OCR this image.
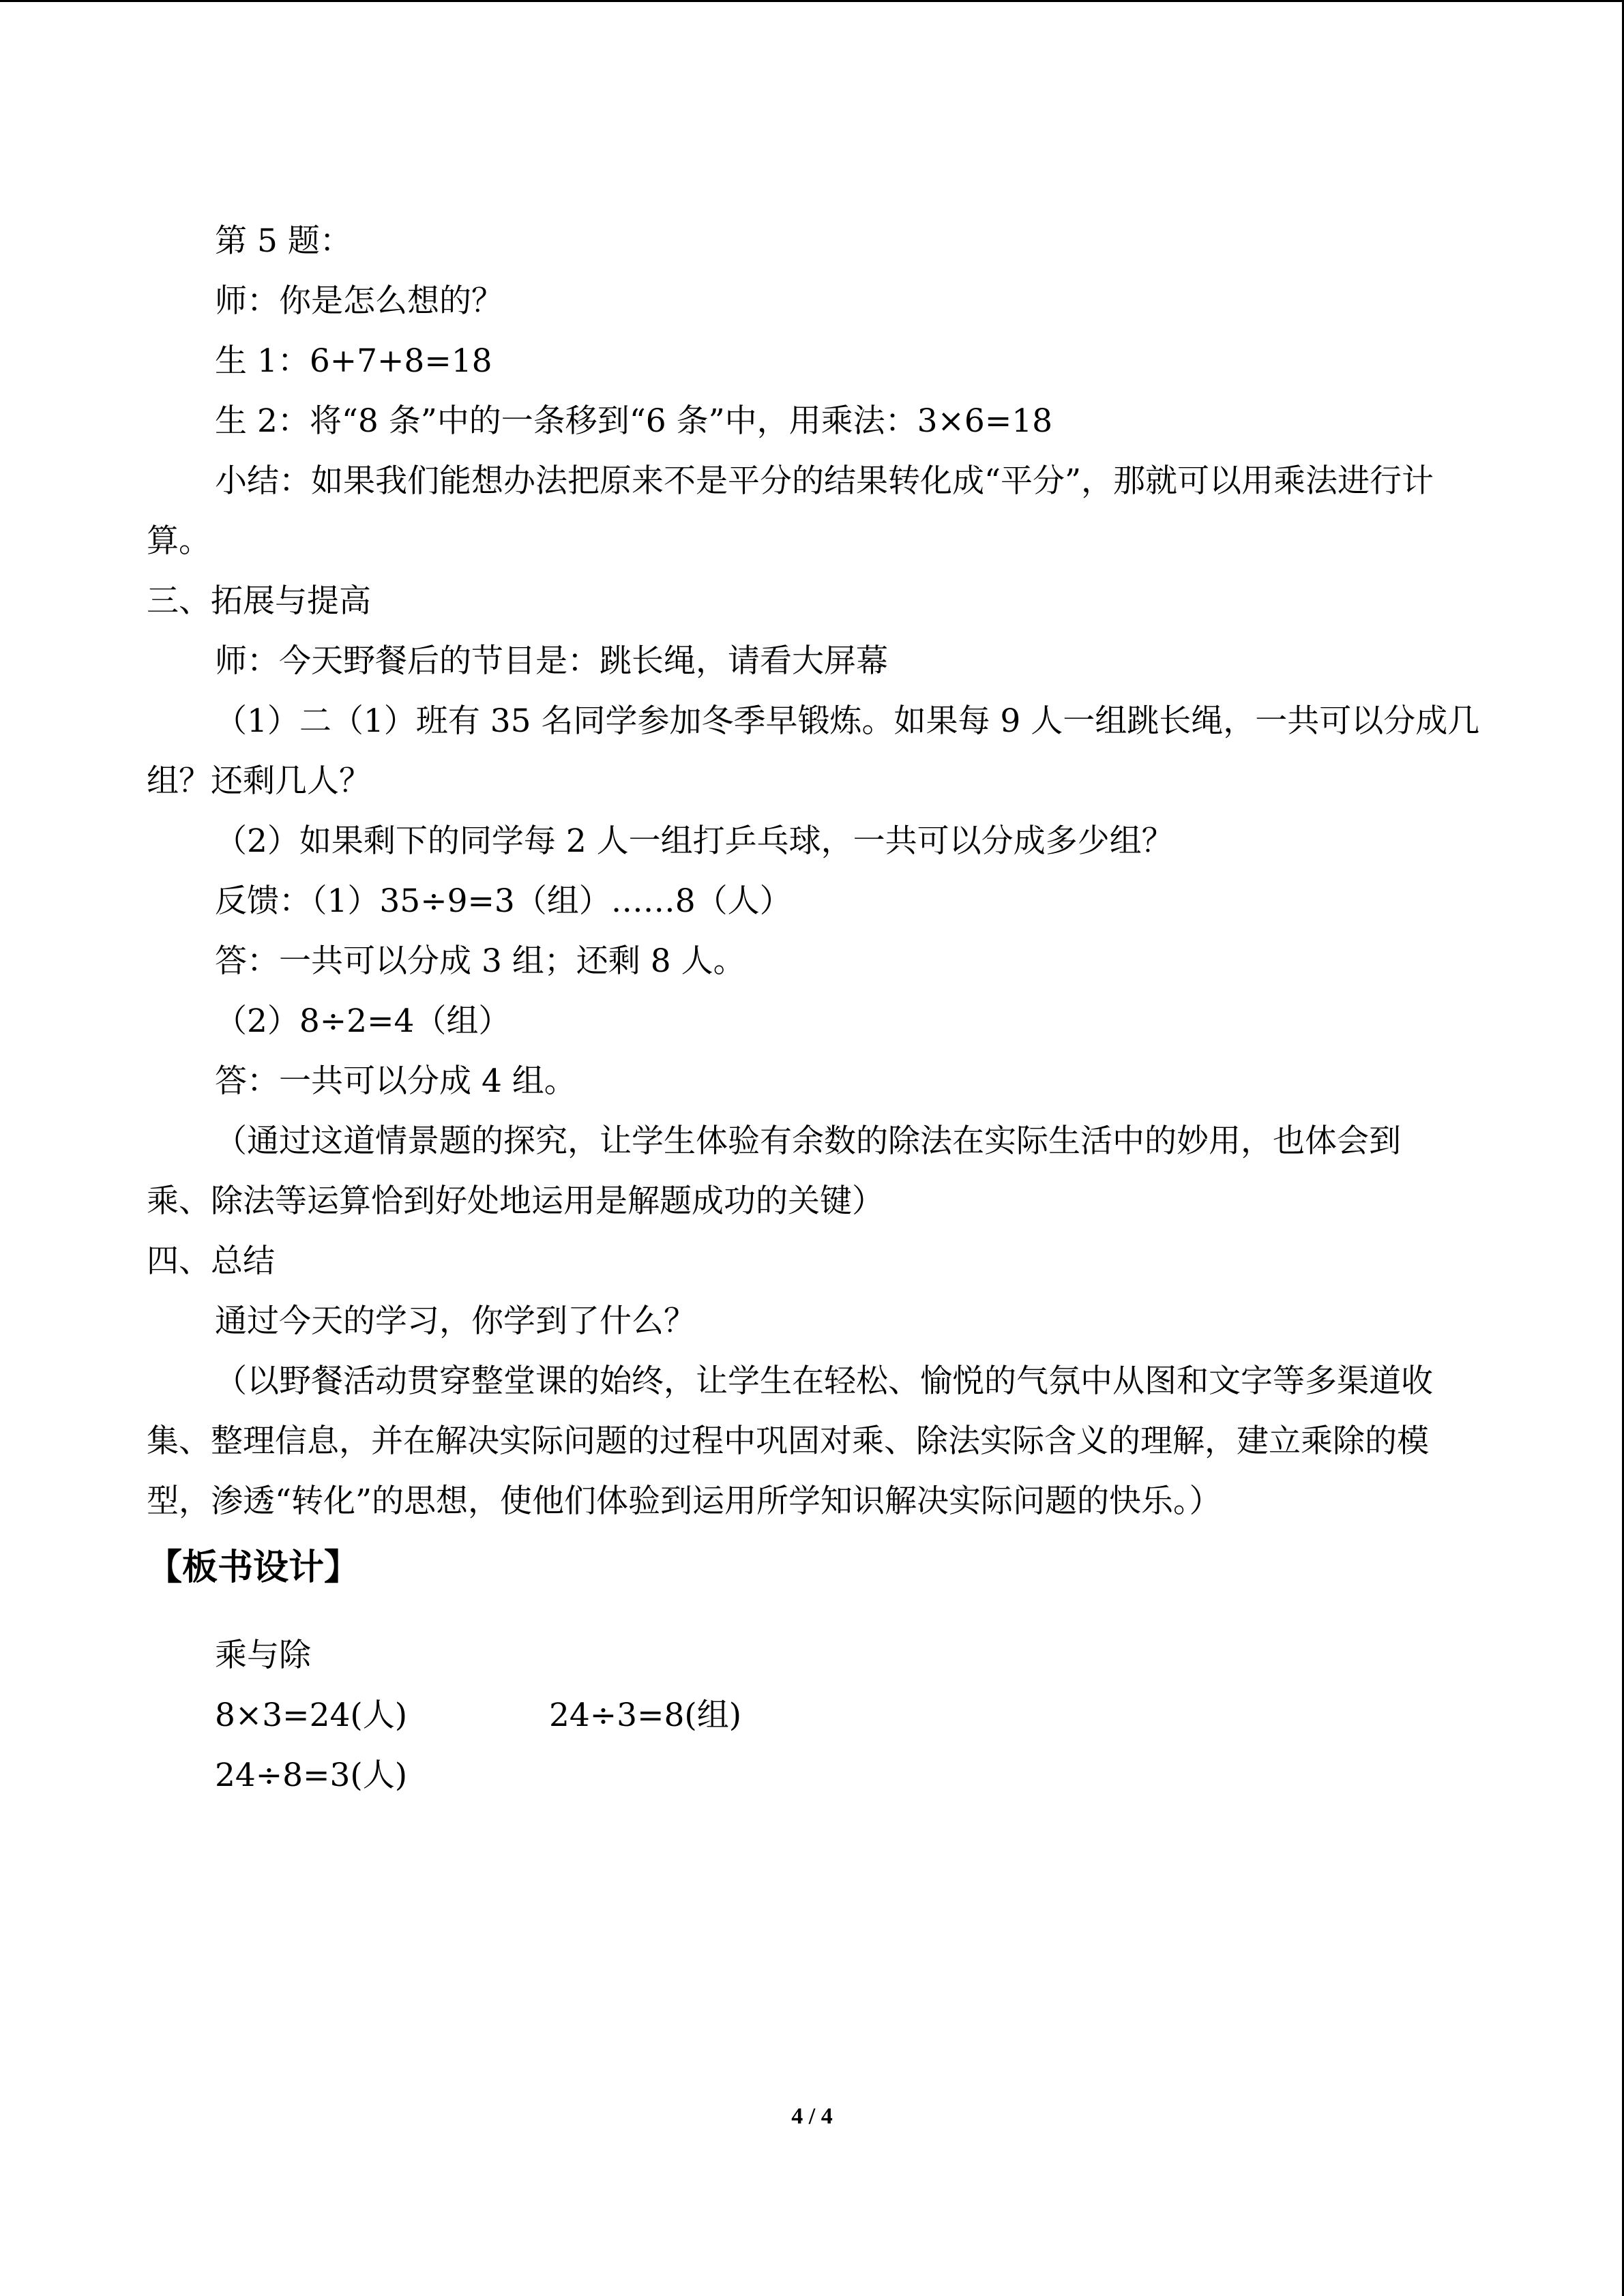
第 5 题：

师：你是怎么想的？

生 1：6+7+8=18

生 2：将“8 条”中的一条移到“6 条”中，用乘法：3×6=18

小结：如果我们能想办法把原来不是平分的结果转化成“平分”，那就可以用乘法进行计

算。

三、拓展与提高

师：今天野餐后的节目是：跳长绳，请看大屏幕

（1）二（1）班有 35 名同学参加冬季早锻炼。如果每 9 人一组跳长绳，一共可以分成几

组？还剩几人？

（2）如果剩下的同学每 2 人一组打乒乓球，一共可以分成多少组？

反馈：（1）35÷9=3（组）……8（人）

答：一共可以分成 3 组；还剩 8 人。

（2）8÷2=4（组）

答：一共可以分成 4 组。

（通过这道情景题的探究，让学生体验有余数的除法在实际生活中的妙用，也体会到

乘、除法等运算恰到好处地运用是解题成功的关键）

四、总结

通过今天的学习，你学到了什么？

（以野餐活动贯穿整堂课的始终，让学生在轻松、愉悦的气氛中从图和文字等多渠道收

集、整理信息，并在解决实际问题的过程中巩固对乘、除法实际含义的理解，建立乘除的模

型，渗透“转化”的思想，使他们体验到运用所学知识解决实际问题的快乐。）

【板书设计】

乘与除

8×3=24(人)	24÷3=8(组)

24÷8=3(人)

4 / 4
